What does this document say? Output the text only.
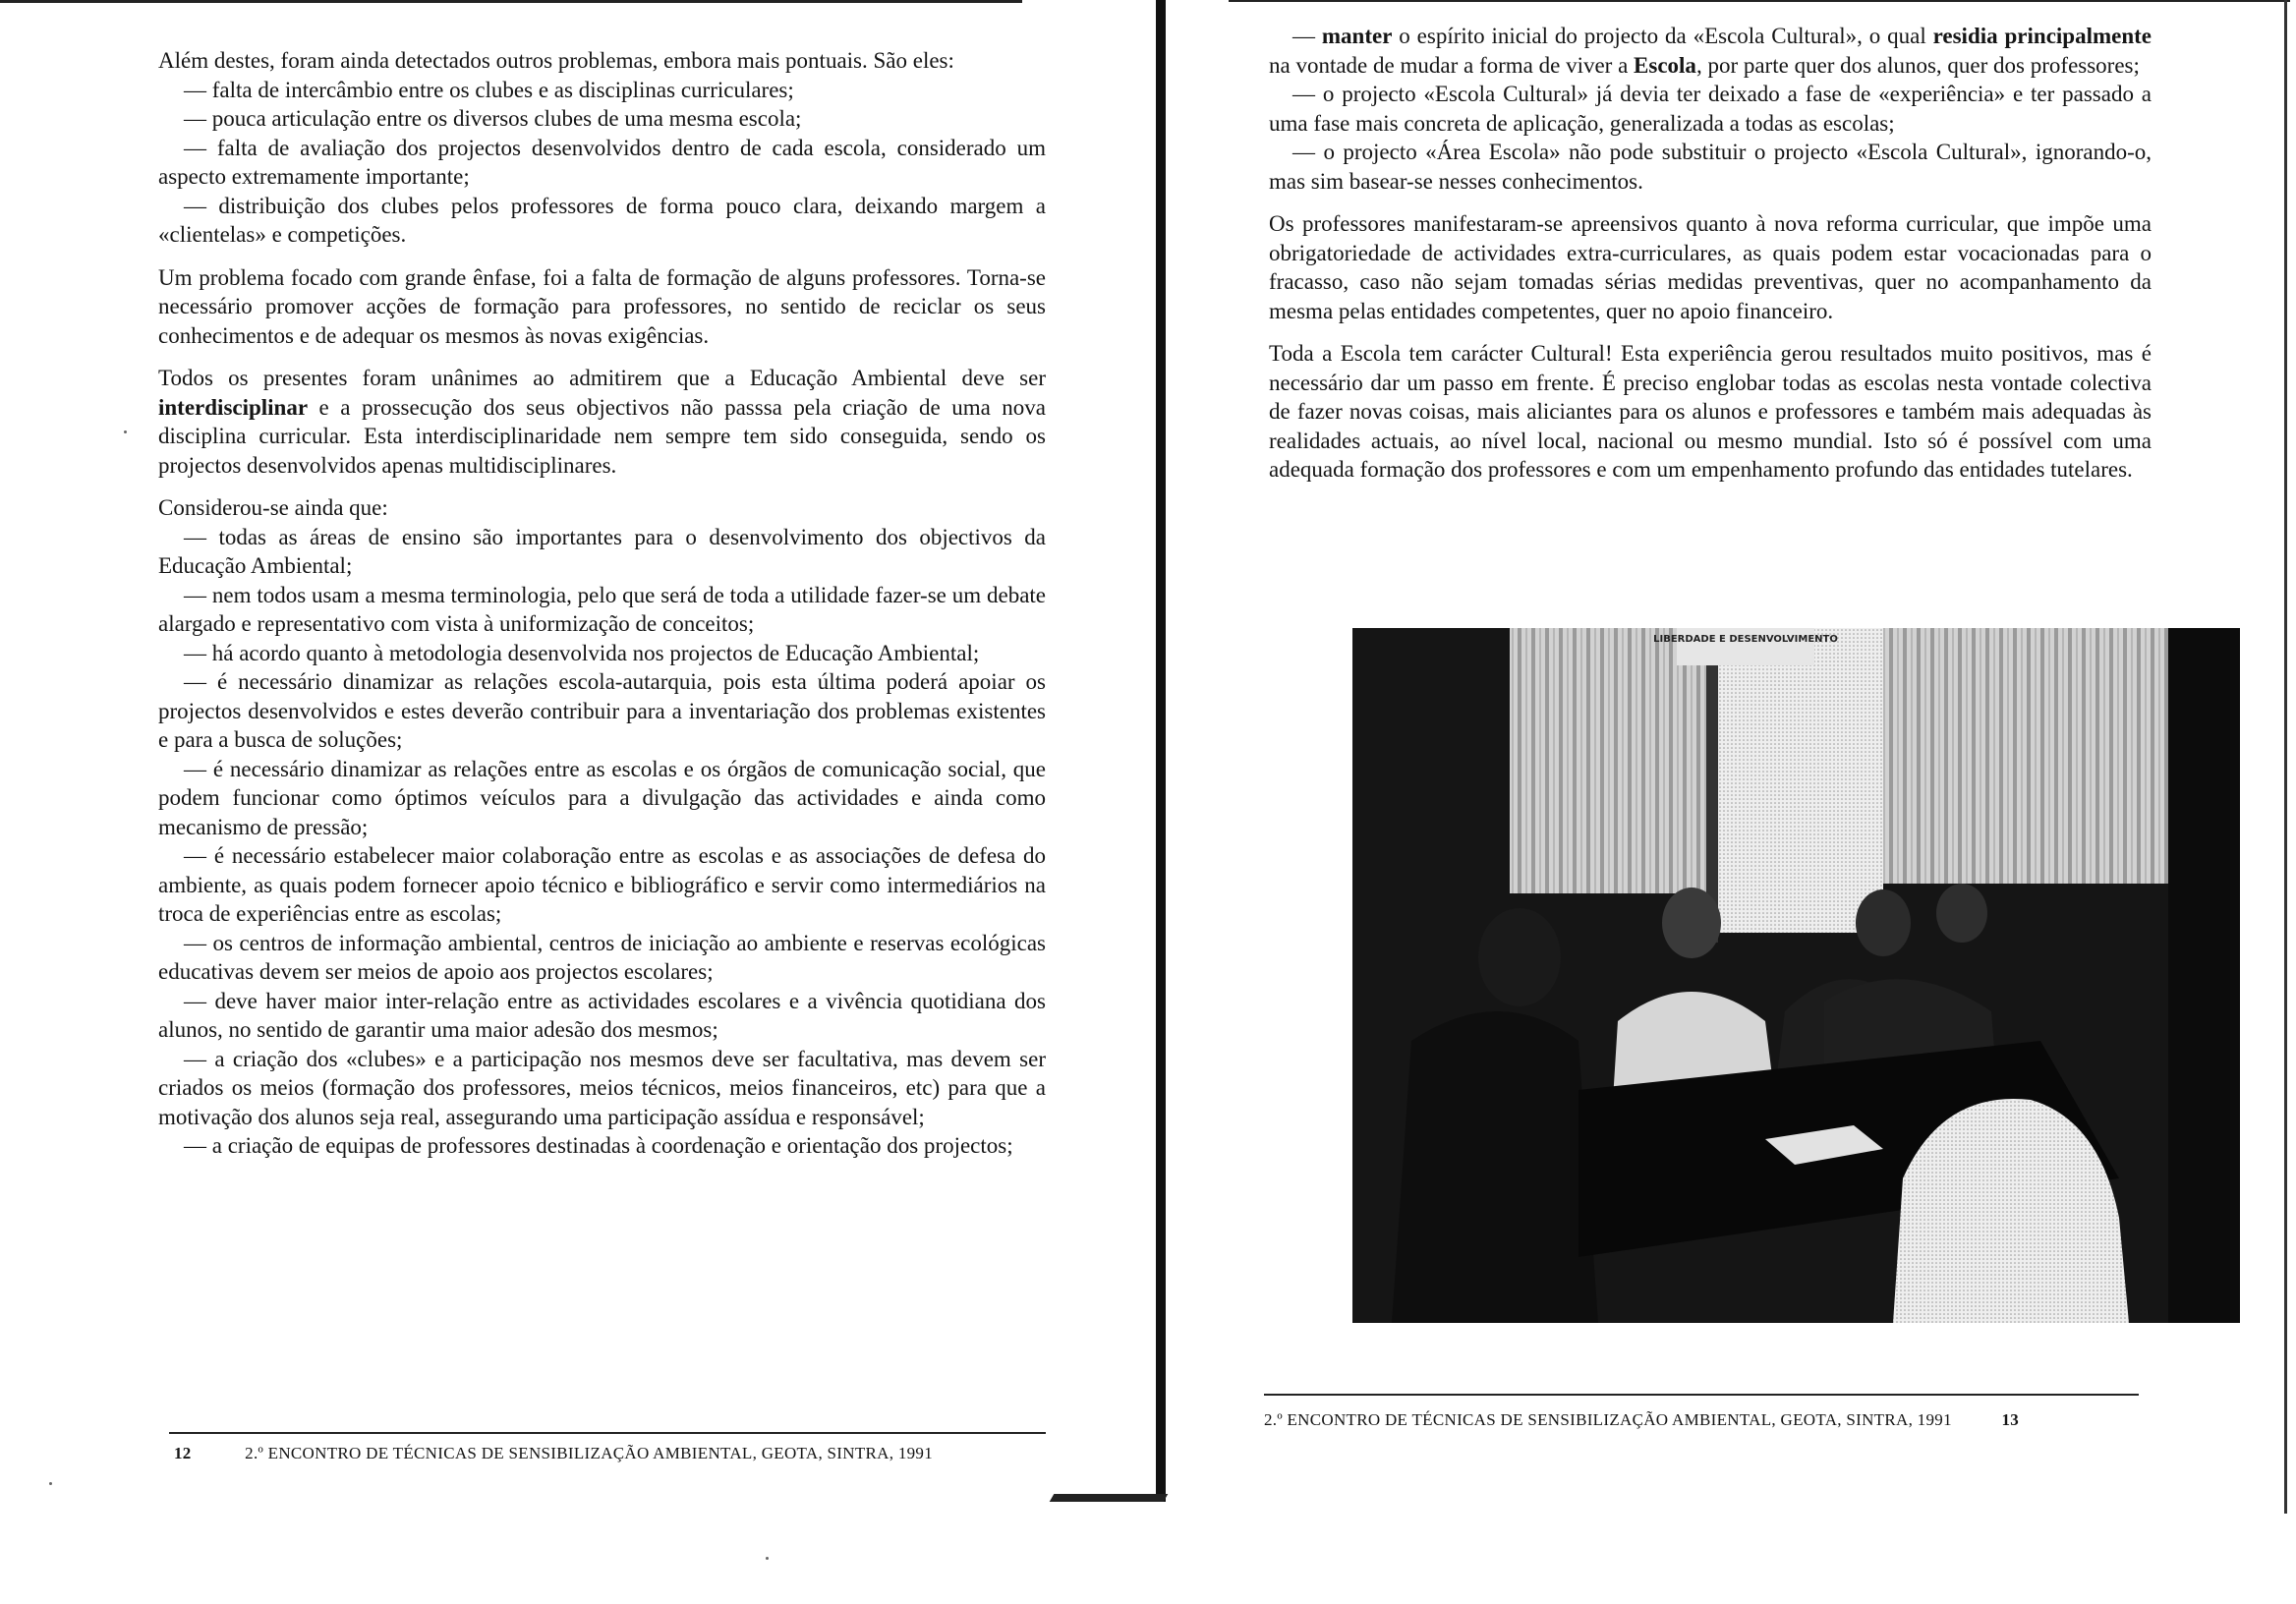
Além destes, foram ainda detectados outros problemas, embora mais pontuais. São eles:

— falta de intercâmbio entre os clubes e as disciplinas curriculares;
— pouca articulação entre os diversos clubes de uma mesma escola;
— falta de avaliação dos projectos desenvolvidos dentro de cada escola, considerado um aspecto extremamente importante;
— distribuição dos clubes pelos professores de forma pouco clara, deixando margem a «clientelas» e competições.

Um problema focado com grande ênfase, foi a falta de formação de alguns professores. Torna-se necessário promover acções de formação para professores, no sentido de reciclar os seus conhecimentos e de adequar os mesmos às novas exigências.

Todos os presentes foram unânimes ao admitirem que a Educação Ambiental deve ser interdisciplinar e a prossecução dos seus objectivos não passsa pela criação de uma nova disciplina curricular. Esta interdisciplinaridade nem sempre tem sido conseguida, sendo os projectos desenvolvidos apenas multidisciplinares.

Considerou-se ainda que:

— todas as áreas de ensino são importantes para o desenvolvimento dos objectivos da Educação Ambiental;
— nem todos usam a mesma terminologia, pelo que será de toda a utilidade fazer-se um debate alargado e representativo com vista à uniformização de conceitos;
— há acordo quanto à metodologia desenvolvida nos projectos de Educação Ambiental;
— é necessário dinamizar as relações escola-autarquia, pois esta última poderá apoiar os projectos desenvolvidos e estes deverão contribuir para a inventariação dos problemas existentes e para a busca de soluções;
— é necessário dinamizar as relações entre as escolas e os órgãos de comunicação social, que podem funcionar como óptimos veículos para a divulgação das actividades e ainda como mecanismo de pressão;
— é necessário estabelecer maior colaboração entre as escolas e as associações de defesa do ambiente, as quais podem fornecer apoio técnico e bibliográfico e servir como intermediários na troca de experiências entre as escolas;
— os centros de informação ambiental, centros de iniciação ao ambiente e reservas ecológicas educativas devem ser meios de apoio aos projectos escolares;
— deve haver maior inter-relação entre as actividades escolares e a vivência quotidiana dos alunos, no sentido de garantir uma maior adesão dos mesmos;
— a criação dos «clubes» e a participação nos mesmos deve ser facultativa, mas devem ser criados os meios (formação dos professores, meios técnicos, meios financeiros, etc) para que a motivação dos alunos seja real, assegurando uma participação assídua e responsável;
— a criação de equipas de professores destinadas à coordenação e orientação dos projectos;
12	2.º ENCONTRO DE TÉCNICAS DE SENSIBILIZAÇÃO AMBIENTAL, GEOTA, SINTRA, 1991
— manter o espírito inicial do projecto da «Escola Cultural», o qual residia principalmente na vontade de mudar a forma de viver a Escola, por parte quer dos alunos, quer dos professores;
— o projecto «Escola Cultural» já devia ter deixado a fase de «experiência» e ter passado a uma fase mais concreta de aplicação, generalizada a todas as escolas;
— o projecto «Área Escola» não pode substituir o projecto «Escola Cultural», ignorando-o, mas sim basear-se nesses conhecimentos.

Os professores manifestaram-se apreensivos quanto à nova reforma curricular, que impõe uma obrigatoriedade de actividades extra-curriculares, as quais podem estar vocacionadas para o fracasso, caso não sejam tomadas sérias medidas preventivas, quer no acompanhamento da mesma pelas entidades competentes, quer no apoio financeiro.

Toda a Escola tem carácter Cultural! Esta experiência gerou resultados muito positivos, mas é necessário dar um passo em frente. É preciso englobar todas as escolas nesta vontade colectiva de fazer novas coisas, mais aliciantes para os alunos e professores e também mais adequadas às realidades actuais, ao nível local, nacional ou mesmo mundial. Isto só é possível com uma adequada formação dos professores e com um empenhamento profundo das entidades tutelares.

LIBERDADE E DESENVOLVIMENTO
2.º ENCONTRO DE TÉCNICAS DE SENSIBILIZAÇÃO AMBIENTAL, GEOTA, SINTRA, 1991	13
